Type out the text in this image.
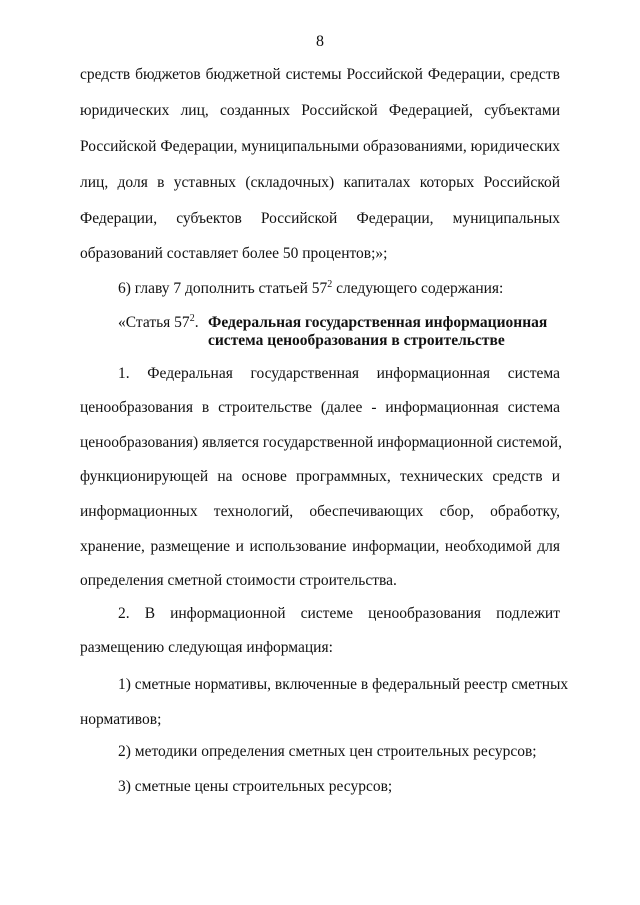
8
средств бюджетов бюджетной системы Российской Федерации, средств
юридических лиц, созданных Российской Федерацией, субъектами
Российской Федерации, муниципальными образованиями, юридических
лиц, доля в уставных (складочных) капиталах которых Российской
Федерации, субъектов Российской Федерации, муниципальных
образований составляет более 50 процентов;»;
6) главу 7 дополнить статьей $57^2$ следующего содержания:
«Статья $57^2$. Федеральная государственная информационная
система ценообразования в строительстве
1. Федеральная государственная информационная система
ценообразования в строительстве (далее - информационная система
ценообразования) является государственной информационной системой,
функционирующей на основе программных, технических средств и
информационных технологий, обеспечивающих сбор, обработку,
хранение, размещение и использование информации, необходимой для
определения сметной стоимости строительства.
2. В информационной системе ценообразования подлежит
размещению следующая информация:
1) сметные нормативы, включенные в федеральный реестр сметных
нормативов;
2) методики определения сметных цен строительных ресурсов;
3) сметные цены строительных ресурсов;
